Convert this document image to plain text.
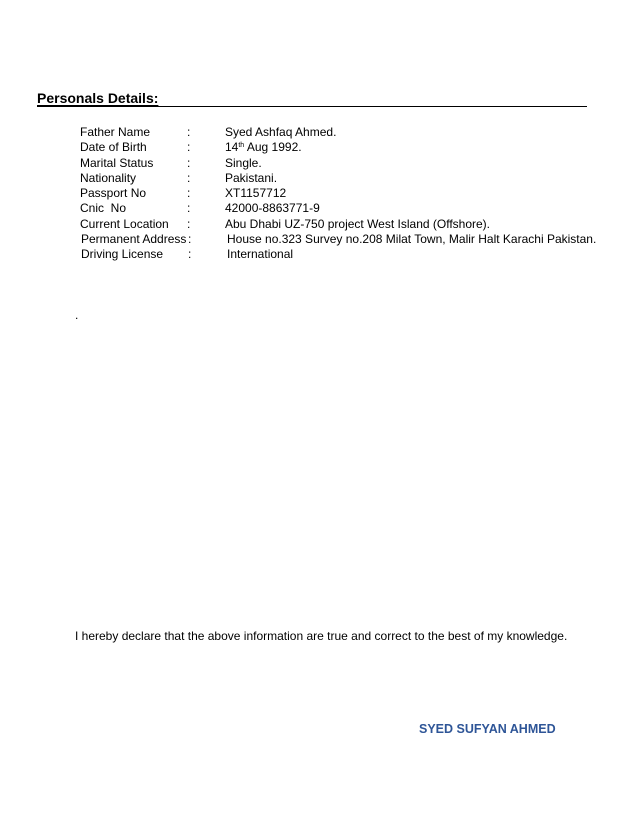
Personals Details:
Father Name	:	Syed Ashfaq Ahmed.
Date of Birth	:	14th Aug 1992.
Marital Status	:	Single.
Nationality	:	Pakistani.
Passport No	:	XT1157712
Cnic  No	:	42000-8863771-9
Current Location :	Abu Dhabi UZ-750 project West Island (Offshore).
Permanent Address :	House no.323 Survey no.208 Milat Town, Malir Halt Karachi Pakistan.
Driving License :	International
.
I hereby declare that the above information are true and correct to the best of my knowledge.
SYED SUFYAN AHMED
